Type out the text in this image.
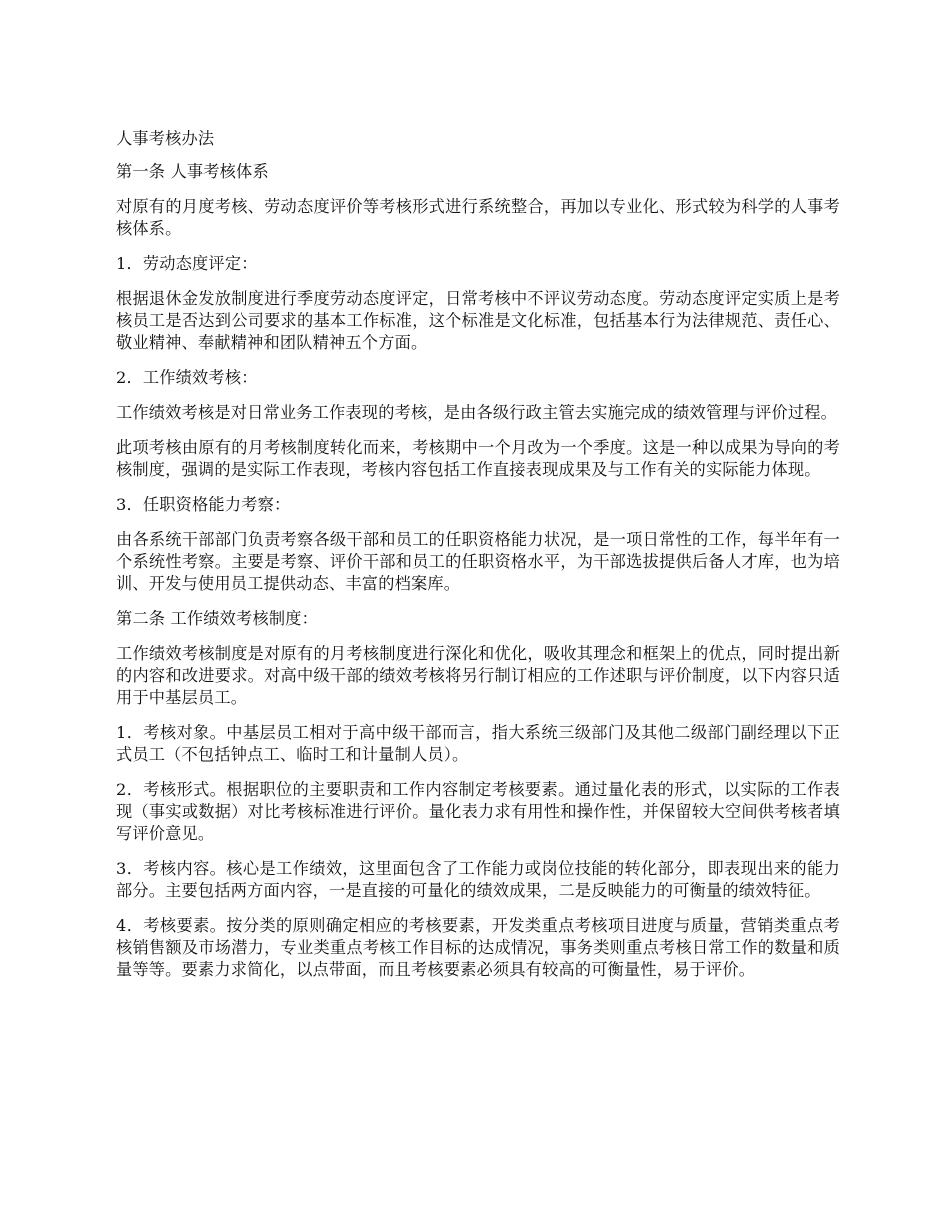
人事考核办法

第一条 人事考核体系

对原有的月度考核、劳动态度评价等考核形式进行系统整合，再加以专业化、形式较为科学的人事考核体系。

1．劳动态度评定：

根据退休金发放制度进行季度劳动态度评定，日常考核中不评议劳动态度。劳动态度评定实质上是考核员工是否达到公司要求的基本工作标准，这个标准是文化标准，包括基本行为法律规范、责任心、敬业精神、奉献精神和团队精神五个方面。

2．工作绩效考核：

工作绩效考核是对日常业务工作表现的考核，是由各级行政主管去实施完成的绩效管理与评价过程。

此项考核由原有的月考核制度转化而来，考核期中一个月改为一个季度。这是一种以成果为导向的考核制度，强调的是实际工作表现，考核内容包括工作直接表现成果及与工作有关的实际能力体现。

3．任职资格能力考察：

由各系统干部部门负责考察各级干部和员工的任职资格能力状况，是一项日常性的工作，每半年有一个系统性考察。主要是考察、评价干部和员工的任职资格水平，为干部选拔提供后备人才库，也为培训、开发与使用员工提供动态、丰富的档案库。

第二条 工作绩效考核制度：

工作绩效考核制度是对原有的月考核制度进行深化和优化，吸收其理念和框架上的优点，同时提出新的内容和改进要求。对高中级干部的绩效考核将另行制订相应的工作述职与评价制度，以下内容只适用于中基层员工。

1．考核对象。中基层员工相对于高中级干部而言，指大系统三级部门及其他二级部门副经理以下正式员工（不包括钟点工、临时工和计量制人员）。

2．考核形式。根据职位的主要职责和工作内容制定考核要素。通过量化表的形式，以实际的工作表现（事实或数据）对比考核标准进行评价。量化表力求有用性和操作性，并保留较大空间供考核者填写评价意见。

3．考核内容。核心是工作绩效，这里面包含了工作能力或岗位技能的转化部分，即表现出来的能力部分。主要包括两方面内容，一是直接的可量化的绩效成果，二是反映能力的可衡量的绩效特征。

4．考核要素。按分类的原则确定相应的考核要素，开发类重点考核项目进度与质量，营销类重点考核销售额及市场潜力，专业类重点考核工作目标的达成情况，事务类则重点考核日常工作的数量和质量等等。要素力求简化，以点带面，而且考核要素必须具有较高的可衡量性，易于评价。
